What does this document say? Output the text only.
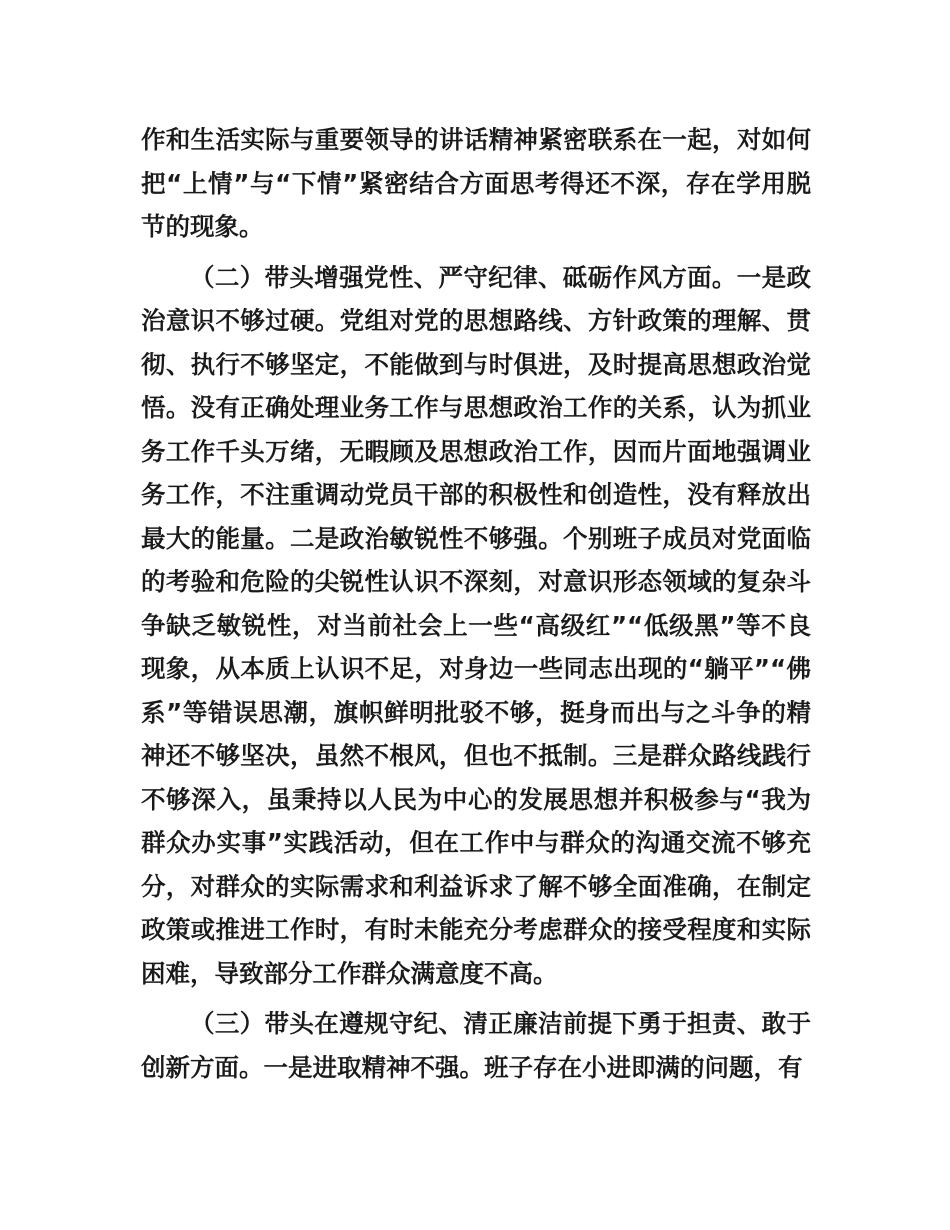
作和生活实际与重要领导的讲话精神紧密联系在一起，对如何把“上情”与“下情”紧密结合方面思考得还不深，存在学用脱节的现象。

（二）带头增强党性、严守纪律、砥砺作风方面。一是政治意识不够过硬。党组对党的思想路线、方针政策的理解、贯彻、执行不够坚定，不能做到与时俱进，及时提高思想政治觉悟。没有正确处理业务工作与思想政治工作的关系，认为抓业务工作千头万绪，无暇顾及思想政治工作，因而片面地强调业务工作，不注重调动党员干部的积极性和创造性，没有释放出最大的能量。二是政治敏锐性不够强。个别班子成员对党面临的考验和危险的尖锐性认识不深刻，对意识形态领域的复杂斗争缺乏敏锐性，对当前社会上一些“高级红”“低级黑”等不良现象，从本质上认识不足，对身边一些同志出现的“躺平”“佛系”等错误思潮，旗帜鲜明批驳不够，挺身而出与之斗争的精神还不够坚决，虽然不根风，但也不抵制。三是群众路线践行不够深入，虽秉持以人民为中心的发展思想并积极参与“我为群众办实事”实践活动，但在工作中与群众的沟通交流不够充分，对群众的实际需求和利益诉求了解不够全面准确，在制定政策或推进工作时，有时未能充分考虑群众的接受程度和实际困难，导致部分工作群众满意度不高。

（三）带头在遵规守纪、清正廉洁前提下勇于担责、敢于创新方面。一是进取精神不强。班子存在小进即满的问题，有
